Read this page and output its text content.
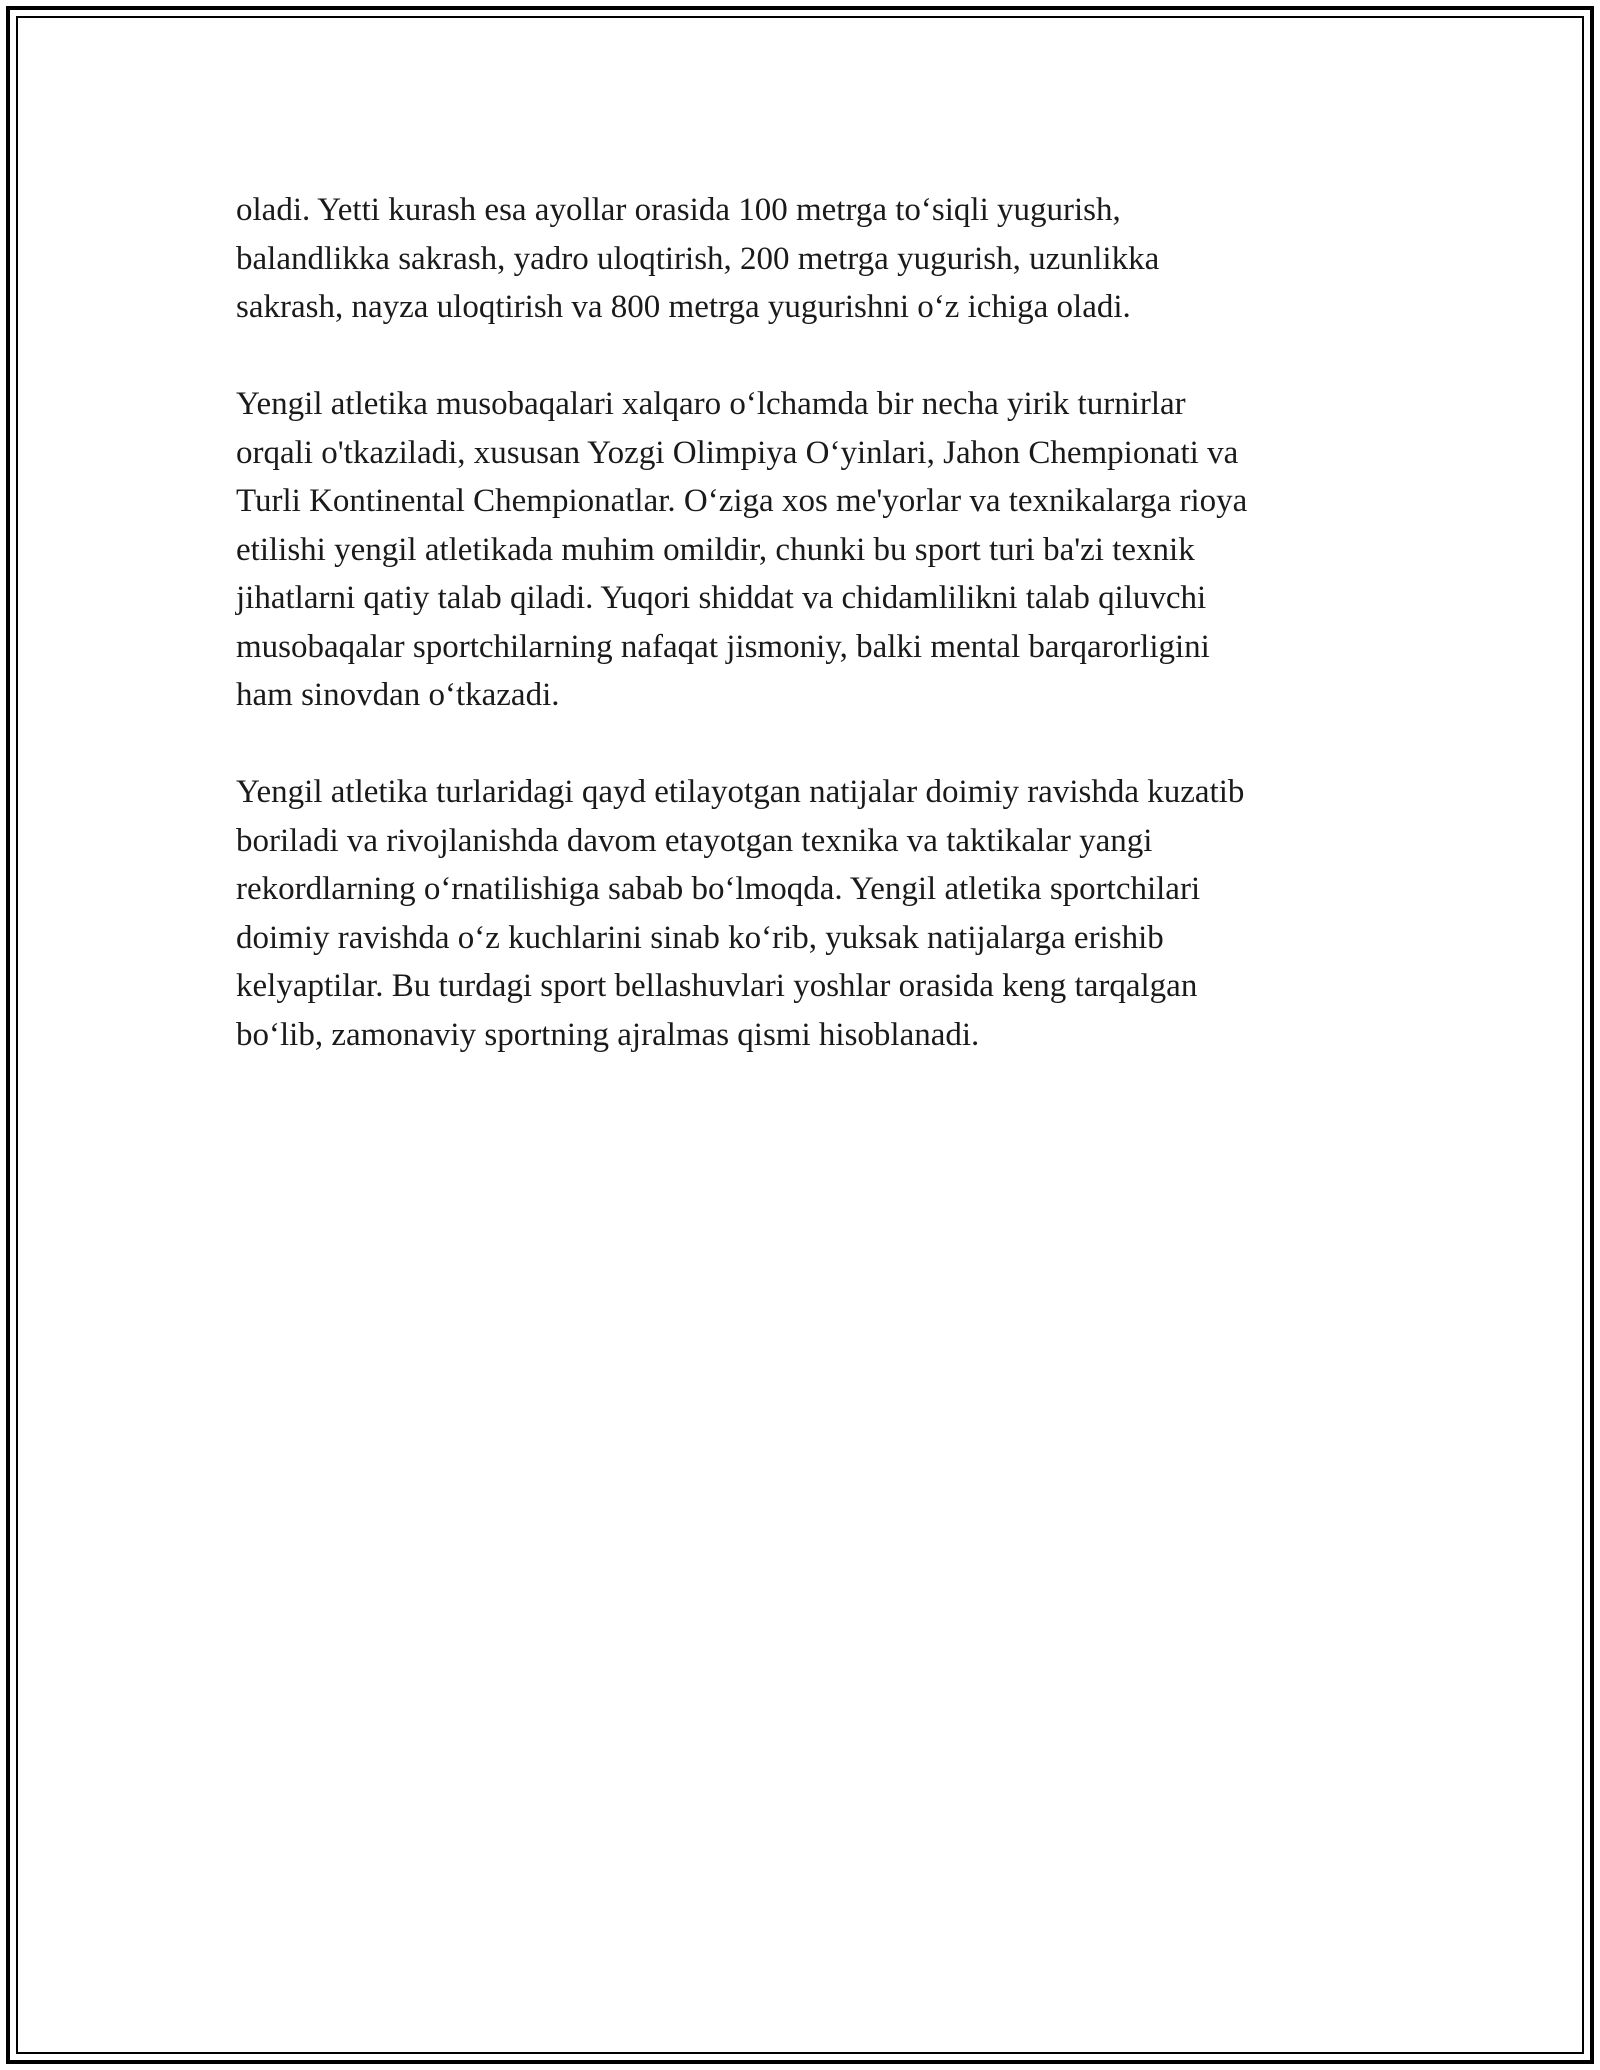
oladi. Yetti kurash esa ayollar orasida 100 metrga to‘siqli yugurish,
balandlikka sakrash, yadro uloqtirish, 200 metrga yugurish, uzunlikka
sakrash, nayza uloqtirish va 800 metrga yugurishni o‘z ichiga oladi.

Yengil atletika musobaqalari xalqaro o‘lchamda bir necha yirik turnirlar
orqali o'tkaziladi, xususan Yozgi Olimpiya O‘yinlari, Jahon Chempionati va
Turli Kontinental Chempionatlar. O‘ziga xos me'yorlar va texnikalarga rioya
etilishi yengil atletikada muhim omildir, chunki bu sport turi ba'zi texnik
jihatlarni qatiy talab qiladi. Yuqori shiddat va chidamlilikni talab qiluvchi
musobaqalar sportchilarning nafaqat jismoniy, balki mental barqarorligini
ham sinovdan o‘tkazadi.

Yengil atletika turlaridagi qayd etilayotgan natijalar doimiy ravishda kuzatib
boriladi va rivojlanishda davom etayotgan texnika va taktikalar yangi
rekordlarning o‘rnatilishiga sabab bo‘lmoqda. Yengil atletika sportchilari
doimiy ravishda o‘z kuchlarini sinab ko‘rib, yuksak natijalarga erishib
kelyaptilar. Bu turdagi sport bellashuvlari yoshlar orasida keng tarqalgan
bo‘lib, zamonaviy sportning ajralmas qismi hisoblanadi.
